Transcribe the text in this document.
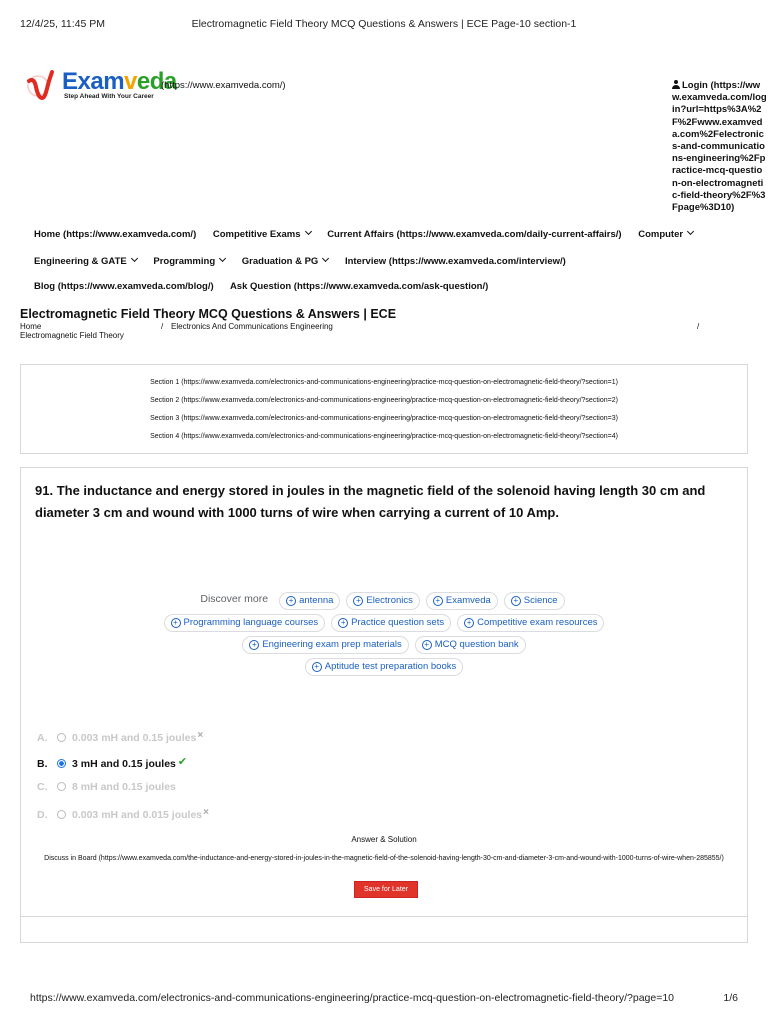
12/4/25, 11:45 PM	Electromagnetic Field Theory MCQ Questions & Answers | ECE Page-10 section-1
Examveda
Step Ahead With Your Career
(https://www.examveda.com/)	Login (https://www.examveda.com/login?url=https%3A%2F%2Fwww.examveda.com%2Felectronics-and-communications-engineering%2Fpractice-mcq-question-on-electromagnetic-field-theory%2F%3Fpage%3D10)
Home (https://www.examveda.com/) Competitive Exams	Current Affairs (https://www.examveda.com/daily-current-affairs/) Computer
Engineering & GATE	Programming	Graduation & PG	Interview (https://www.examveda.com/interview/)
Blog (https://www.examveda.com/blog/) Ask Question (https://www.examveda.com/ask-question/)
Electromagnetic Field Theory MCQ Questions & Answers | ECE
Home	/ Electronics And Communications Engineering	/
Electromagnetic Field Theory
Section 1 (https://www.examveda.com/electronics-and-communications-engineering/practice-mcq-question-on-electromagnetic-field-theory/?section=1)
Section 2 (https://www.examveda.com/electronics-and-communications-engineering/practice-mcq-question-on-electromagnetic-field-theory/?section=2)
Section 3 (https://www.examveda.com/electronics-and-communications-engineering/practice-mcq-question-on-electromagnetic-field-theory/?section=3)
Section 4 (https://www.examveda.com/electronics-and-communications-engineering/practice-mcq-question-on-electromagnetic-field-theory/?section=4)
91. The inductance and energy stored in joules in the magnetic field of the solenoid having length 30 cm and diameter 3 cm and wound with 1000 turns of wire when carrying a current of 10 Amp.
Discover more	+ antenna	+ Electronics	+ Examveda	+ Science
+ Programming language courses	+ Practice question sets	+ Competitive exam resources
+ Engineering exam prep materials	+ MCQ question bank
+ Aptitude test preparation books
A. 0.003 mH and 0.15 joules×
B. 3 mH and 0.15 joules ✔
C. 8 mH and 0.15 joules
D. 0.003 mH and 0.015 joules×
Answer & Solution
Discuss in Board (https://www.examveda.com/the-inductance-and-energy-stored-in-joules-in-the-magnetic-field-of-the-solenoid-having-length-30-cm-and-diameter-3-cm-and-wound-with-1000-turns-of-wire-when-285855/)
Save for Later
https://www.examveda.com/electronics-and-communications-engineering/practice-mcq-question-on-electromagnetic-field-theory/?page=10	1/6
